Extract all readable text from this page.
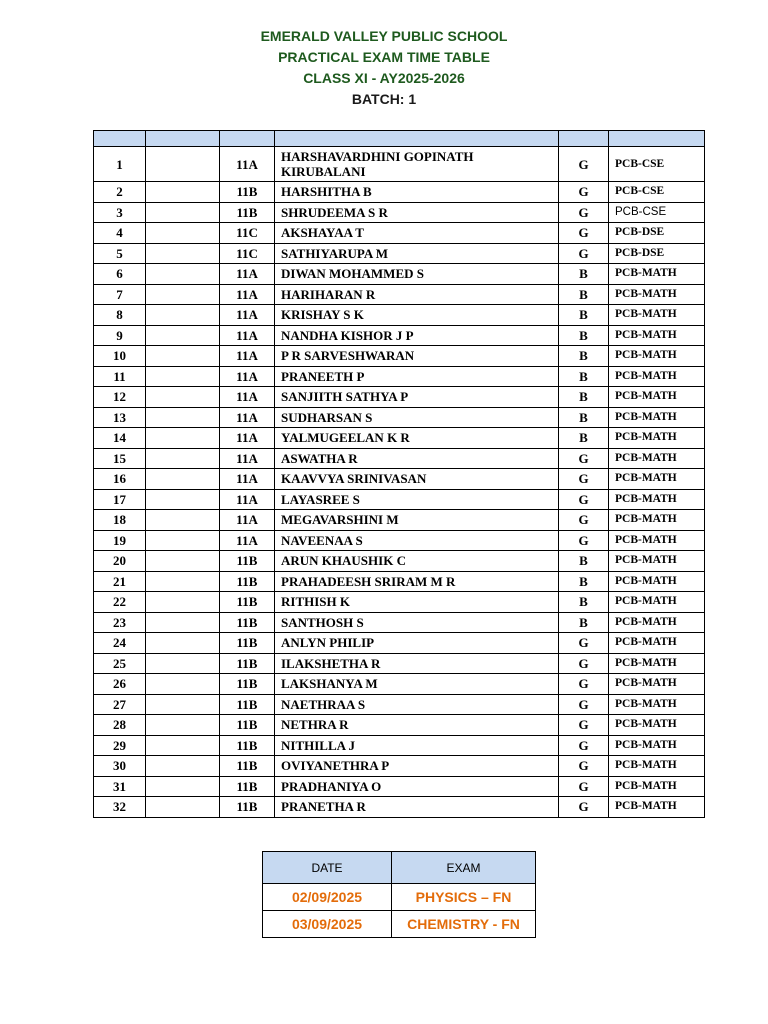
EMERALD VALLEY PUBLIC SCHOOL
PRACTICAL EXAM TIME TABLE
CLASS XI - AY2025-2026
BATCH: 1

1		11A	HARSHAVARDHINI GOPINATH KIRUBALANI	G	PCB-CSE
2		11B	HARSHITHA B	G	PCB-CSE
3		11B	SHRUDEEMA S R	G	PCB-CSE
4		11C	AKSHAYAA T	G	PCB-DSE
5		11C	SATHIYARUPA M	G	PCB-DSE
6		11A	DIWAN MOHAMMED S	B	PCB-MATH
7		11A	HARIHARAN R	B	PCB-MATH
8		11A	KRISHAY S K	B	PCB-MATH
9		11A	NANDHA KISHOR J P	B	PCB-MATH
10		11A	P R SARVESHWARAN	B	PCB-MATH
11		11A	PRANEETH P	B	PCB-MATH
12		11A	SANJIITH SATHYA P	B	PCB-MATH
13		11A	SUDHARSAN S	B	PCB-MATH
14		11A	YALMUGEELAN K R	B	PCB-MATH
15		11A	ASWATHA R	G	PCB-MATH
16		11A	KAAVVYA SRINIVASAN	G	PCB-MATH
17		11A	LAYASREE S	G	PCB-MATH
18		11A	MEGAVARSHINI M	G	PCB-MATH
19		11A	NAVEENAA S	G	PCB-MATH
20		11B	ARUN KHAUSHIK C	B	PCB-MATH
21		11B	PRAHADEESH SRIRAM M R	B	PCB-MATH
22		11B	RITHISH K	B	PCB-MATH
23		11B	SANTHOSH S	B	PCB-MATH
24		11B	ANLYN PHILIP	G	PCB-MATH
25		11B	ILAKSHETHA R	G	PCB-MATH
26		11B	LAKSHANYA M	G	PCB-MATH
27		11B	NAETHRAA S	G	PCB-MATH
28		11B	NETHRA R	G	PCB-MATH
29		11B	NITHILLA J	G	PCB-MATH
30		11B	OVIYANETHRA P	G	PCB-MATH
31		11B	PRADHANIYA O	G	PCB-MATH
32		11B	PRANETHA R	G	PCB-MATH
DATE	EXAM
02/09/2025	PHYSICS – FN
03/09/2025	CHEMISTRY - FN
